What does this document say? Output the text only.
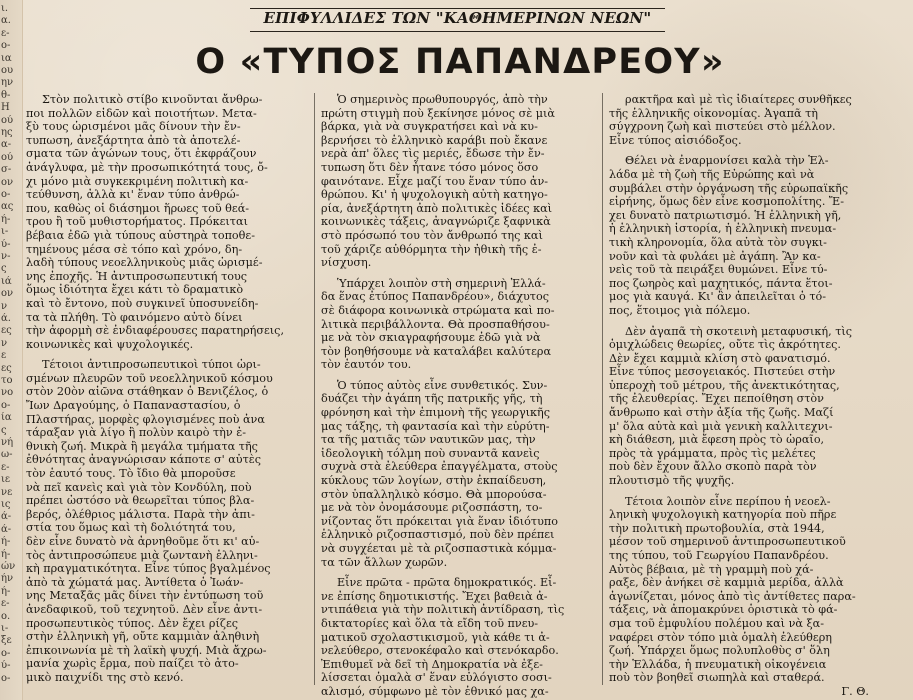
ι.
α.
ε-
ο-
ια
ου
ην
θ-
Η
ού
ης
α-
ού
σ-
ον
ο-
ας
ή-
ι-
ύ-
ν-
ς
ιά
ον
ν
ά.
ες
ν
ε
ες
το
νο
ο-
ία
ς
νή
ω-
ε-
ιε
νε
ις
ά-
ά-
ή-
ή-
ών
ήν
ή-
ε-
ο.
ι-
ξε
ο-
ύ-
ο-
ΕΠΙΦΥΛΛΙΔΕΣ ΤΩΝ "ΚΑΘΗΜΕΡΙΝΩΝ ΝΕΩΝ"
Ο «ΤΥΠΟΣ ΠΑΠΑΝΔΡΕΟΥ»
Στὸν πολιτικὸ στίβο κινοῦνται ἄνθρω-
ποι πολλῶν εἰδῶν καὶ ποιοτήτων. Μετα-
ξὺ τους ὡρισμένοι μᾶς δίνουν τὴν ἔν-
τυπωση, ἀνεξάρτητα ἀπὸ τὰ ἀποτελέ-
σματα τῶν ἀγώνων τους, ὅτι ἐκφράζουν
ἀνάγλυφα, μὲ τὴν προσωπικότητά τους, ὄ-
χι μόνο μιὰ συγκεκριμένη πολιτικὴ κα-
τεύθυνση, ἀλλὰ κι' ἕναν τύπο ἀνθρώ-
που, καθὼς οἱ διάσημοι ἥρωες τοῦ θεά-
τρου ἢ τοῦ μυθιστορήματος. Πρόκειται
βέβαια ἐδῶ γιὰ τύπους αὐστηρὰ τοποθε-
τημένους μέσα σὲ τόπο καὶ χρόνο, δη-
λαδὴ τύπους νεοελληνικοὺς μιᾶς ὡρισμέ-
νης ἐποχῆς. Ἡ ἀντιπροσωπευτική τους
ὅμως ἰδιότητα ἔχει κάτι τὸ δραματικὸ
καὶ τὸ ἔντονο, ποὺ συγκινεῖ ὑποσυνείδη-
τα τὰ πλήθη. Τὸ φαινόμενο αὐτὸ δίνει
τὴν ἀφορμὴ σὲ ἐνδιαφέρουσες παρατηρήσεις,
κοινωνικὲς καὶ ψυχολογικές.
Τέτοιοι ἀντιπροσωπευτικοὶ τύποι ὡρι-
σμένων πλευρῶν τοῦ νεοελληνικοῦ κόσμου
στὸν 20ὸν αἰῶνα στάθηκαν ὁ Βενιζέλος, ὁ
Ἴων Δραγούμης, ὁ Παπαναστασίου, ὁ
Πλαστήρας, μορφὲς φλογισμένες ποὺ ἀνα
τάραξαν γιὰ λίγο ἢ πολὺν καιρὸ τὴν ἐ-
θνικὴ ζωή. Μικρὰ ἢ μεγάλα τμήματα τῆς
ἐθνότητας ἀναγνώρισαν κάποτε σ' αὐτὲς
τὸν ἑαυτό τους. Τὸ ἴδιο θὰ μποροῦσε
νὰ πεῖ κανεὶς καὶ γιὰ τὸν Κονδύλη, ποὺ
πρέπει ὡστόσο νὰ θεωρεῖται τύπος βλα-
βερός, ὀλέθριος μάλιστα. Παρὰ τὴν ἀπι-
στία του ὅμως καὶ τὴ δολιότητά του,
δὲν εἶνε δυνατὸ νὰ ἀρνηθοῦμε ὅτι κι' αὐ-
τὸς ἀντιπροσώπευε μιὰ ζωντανὴ ἑλληνι-
κὴ πραγματικότητα. Εἶνε τύπος βγαλμένος
ἀπὸ τὰ χώματά μας. Ἀντίθετα ὁ Ἰωάν-
νης Μεταξᾶς μᾶς δίνει τὴν ἐντύπωση τοῦ
ἀνεδαφικοῦ, τοῦ τεχνητοῦ. Δὲν εἶνε ἀντι-
προσωπευτικὸς τύπος. Δὲν ἔχει ρίζες
στὴν ἑλληνικὴ γῆ, οὔτε καμμιὰν ἀληθινὴ
ἐπικοινωνία μὲ τὴ λαϊκὴ ψυχή. Μιὰ ἄχρω-
μανία χωρὶς ἔρμα, ποὺ παίζει τὸ ἀτο-
μικὸ παιχνίδι της στὸ κενό.
Ὁ σημερινὸς πρωθυπουργός, ἀπὸ τὴν
πρώτη στιγμὴ ποὺ ξεκίνησε μόνος σὲ μιὰ
βάρκα, γιὰ νὰ συγκρατήσει καὶ νὰ κυ-
βερνήσει τὸ ἑλληνικὸ καράβι ποὺ ἔκανε
νερὰ ἀπ' ὅλες τὶς μεριές, ἔδωσε τὴν ἔν-
τυπωση ὅτι δὲν ἦτανε τόσο μόνος ὅσο
φαινότανε. Εἶχε μαζί του ἕναν τύπο ἀν-
θρώπου. Κι' ἡ ψυχολογικὴ αὐτὴ κατηγο-
ρία, ἀνεξάρτητη ἀπὸ πολιτικὲς ἰδέες καὶ
κοινωνικὲς τάξεις, ἀναγνώριζε ξαφνικὰ
στὸ πρόσωπό του τὸν ἄνθρωπό της καὶ
τοῦ χάριζε αὐθόρμητα τὴν ἠθικὴ τῆς ἐ-
νίσχυση.
Ὑπάρχει λοιπὸν στὴ σημερινὴ Ἑλλά-
δα ἕνας ἐτύπος Παπανδρέου», διάχυτος
σὲ διάφορα κοινωνικὰ στρώματα καὶ πο-
λιτικὰ περιβάλλοντα. Θὰ προσπαθήσου-
με νὰ τὸν σκιαγραφήσουμε ἐδῶ γιὰ νὰ
τὸν βοηθήσουμε νὰ καταλάβει καλύτερα
τὸν ἑαυτόν του.
Ὁ τύπος αὐτὸς εἶνε συνθετικός. Συν-
δυάζει τὴν ἀγάπη τῆς πατρικῆς γῆς, τὴ
φρόνηση καὶ τὴν ἐπιμονὴ τῆς γεωργικῆς
μας τάξης, τὴ φαντασία καὶ τὴν εὐρύτη-
τα τῆς ματιᾶς τῶν ναυτικῶν μας, τὴν
ἰδεολογικὴ τόλμη ποὺ συναντᾶ κανεὶς
συχνὰ στὰ ἐλεύθερα ἐπαγγέλματα, στοὺς
κύκλους τῶν λογίων, στὴν ἐκπαίδευση,
στὸν ὑπαλληλικὸ κόσμο. Θὰ μπορούσα-
με νὰ τὸν ὀνομάσουμε ριζοσπάστη, το-
νίζοντας ὅτι πρόκειται γιὰ ἕναν ἰδιότυπο
ἑλληνικὸ ριζοσπαστισμό, ποὺ δὲν πρέπει
νὰ συγχέεται μὲ τὰ ριζοσπαστικὰ κόμμα-
τα τῶν ἄλλων χωρῶν.
Εἶνε πρῶτα - πρῶτα δημοκρατικός. Εἶ-
νε ἐπίσης δημοτικιστής. Ἔχει βαθειὰ ἀ-
ντιπάθεια γιὰ τὴν πολιτικὴ ἀντίδραση, τὶς
δικτατορίες καὶ ὅλα τὰ εἴδη τοῦ πνευ-
ματικοῦ σχολαστικισμοῦ, γιὰ κάθε τι ἀ-
νελεύθερο, στενοκέφαλο καὶ στενόκαρδο.
Ἐπιθυμεῖ νὰ δεῖ τὴ Δημοκρατία νὰ ἐξε-
λίσσεται ὁμαλὰ σ' ἕναν εὐλόγιστο σοσι-
αλισμό, σύμφωνο μὲ τὸν ἐθνικό μας χα-
ρακτῆρα καὶ μὲ τὶς ἰδιαίτερες συνθῆκες
τῆς ἑλληνικῆς οἰκονομίας. Ἀγαπᾶ τὴ
σύγχρονη ζωὴ καὶ πιστεύει στὸ μέλλον.
Εἶνε τύπος αἰσιόδοξος.
Θέλει νὰ ἐναρμονίσει καλὰ τὴν Ἑλ-
λάδα μὲ τὴ ζωὴ τῆς Εὐρώπης καὶ νὰ
συμβάλει στὴν ὀργάνωση τῆς εὐρωπαϊκῆς
εἰρήνης, ὅμως δὲν εἶνε κοσμοπολίτης. Ἔ-
χει δυνατὸ πατριωτισμό. Ἡ ἑλληνικὴ γῆ,
ἡ ἑλληνικὴ ἱστορία, ἡ ἑλληνικὴ πνευμα-
τικὴ κληρονομία, ὅλα αὐτὰ τὸν συγκι-
νοῦν καὶ τὰ φυλάει μὲ ἀγάπη. Ἂν κα-
νεὶς τοῦ τὰ πειράξει θυμώνει. Εἶνε τύ-
πος ζωηρὸς καὶ μαχητικός, πάντα ἕτοι-
μος γιὰ καυγά. Κι' ἂν ἀπειλεῖται ὁ τό-
πος, ἕτοιμος γιὰ πόλεμο.
Δὲν ἀγαπᾶ τὴ σκοτεινὴ μεταφυσική, τὶς
ὁμιχλώδεις θεωρίες, οὔτε τὶς ἀκρότητες.
Δὲν ἔχει καμμιὰ κλίση στὸ φανατισμό.
Εἶνε τύπος μεσογειακός. Πιστεύει στὴν
ὑπεροχὴ τοῦ μέτρου, τῆς ἀνεκτικότητας,
τῆς ἐλευθερίας. Ἔχει πεποίθηση στὸν
ἄνθρωπο καὶ στὴν ἀξία τῆς ζωῆς. Μαζί
μ' ὅλα αὐτὰ καὶ μιὰ γενικὴ καλλιτεχνι-
κὴ διάθεση, μιὰ ἔφεση πρὸς τὸ ὡραῖο,
πρὸς τὰ γράμματα, πρὸς τὶς μελέτες
ποὺ δὲν ἔχουν ἄλλο σκοπὸ παρὰ τὸν
πλουτισμὸ τῆς ψυχῆς.
Τέτοια λοιπὸν εἶνε περίπου ἡ νεοελ-
ληνικὴ ψυχολογικὴ κατηγορία ποὺ πῆρε
τὴν πολιτικὴ πρωτοβουλία, στὰ 1944,
μέσον τοῦ σημερινοῦ ἀντιπροσωπευτικοῦ
της τύπου, τοῦ Γεωργίου Παπανδρέου.
Αὐτὸς βέβαια, μὲ τὴ γραμμὴ ποὺ χά-
ραξε, δὲν ἀνήκει σὲ καμμιὰ μερίδα, ἀλλὰ
ἀγωνίζεται, μόνος ἀπὸ τὶς ἀντίθετες παρα-
τάξεις, νὰ ἀπομακρύνει ὁριστικὰ τὸ φά-
σμα τοῦ ἐμφυλίου πολέμου καὶ νὰ ξα-
ναφέρει στὸν τόπο μιὰ ὁμαλὴ ἐλεύθερη
ζωή. Ὑπάρχει ὅμως πολυπλοθὺς σ' ὅλη
τὴν Ἑλλάδα, ἡ πνευματικὴ οἰκογένεια
ποὺ τὸν βοηθεῖ σιωπηλὰ καὶ σταθερά.
Γ. Θ.
